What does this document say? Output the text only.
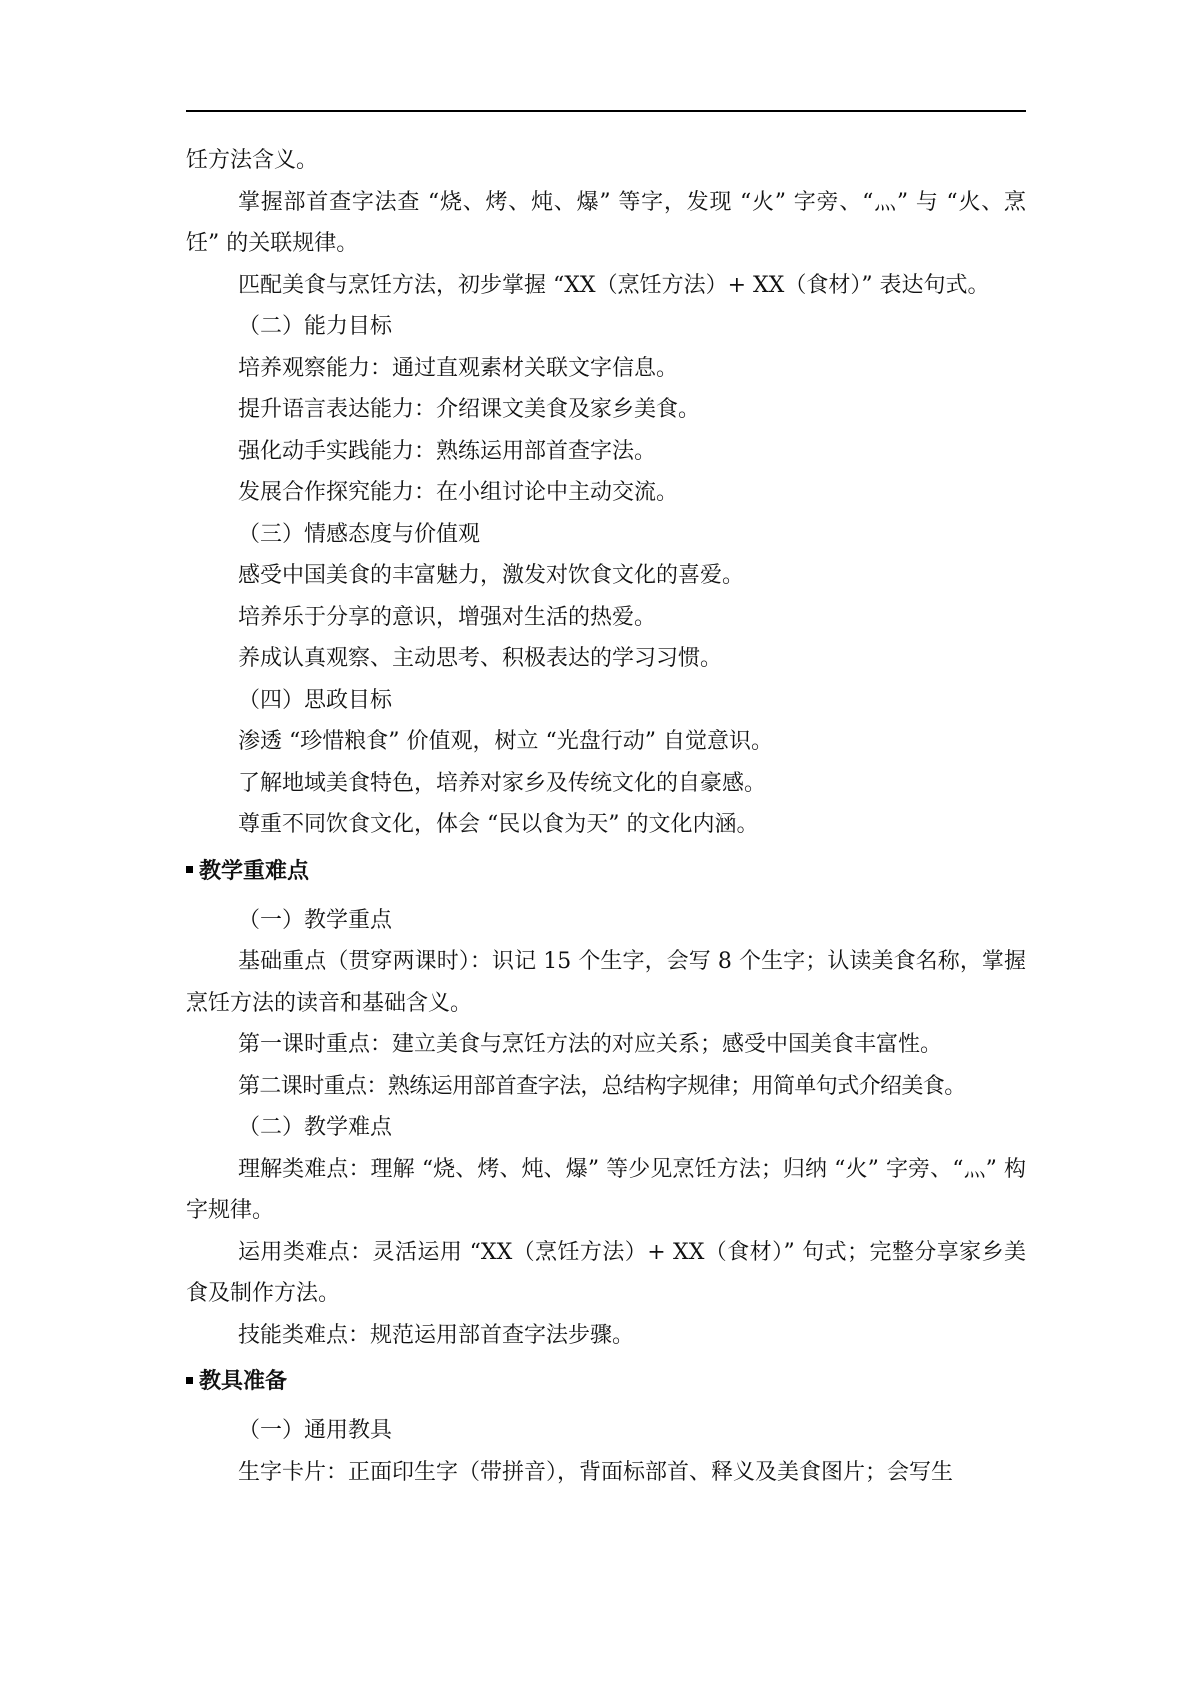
饪方法含义。
掌握部首查字法查 “烧、烤、炖、爆” 等字，发现 “火” 字旁、“灬” 与 “火、烹饪” 的关联规律。
匹配美食与烹饪方法，初步掌握 “XX（烹饪方法）+ XX（食材）” 表达句式。
（二）能力目标
培养观察能力：通过直观素材关联文字信息。
提升语言表达能力：介绍课文美食及家乡美食。
强化动手实践能力：熟练运用部首查字法。
发展合作探究能力：在小组讨论中主动交流。
（三）情感态度与价值观
感受中国美食的丰富魅力，激发对饮食文化的喜爱。
培养乐于分享的意识，增强对生活的热爱。
养成认真观察、主动思考、积极表达的学习习惯。
（四）思政目标
渗透 “珍惜粮食” 价值观，树立 “光盘行动” 自觉意识。
了解地域美食特色，培养对家乡及传统文化的自豪感。
尊重不同饮食文化，体会 “民以食为天” 的文化内涵。
教学重难点
（一）教学重点
基础重点（贯穿两课时）：识记 15 个生字，会写 8 个生字；认读美食名称，掌握烹饪方法的读音和基础含义。
第一课时重点：建立美食与烹饪方法的对应关系；感受中国美食丰富性。
第二课时重点：熟练运用部首查字法，总结构字规律；用简单句式介绍美食。
（二）教学难点
理解类难点：理解 “烧、烤、炖、爆” 等少见烹饪方法；归纳 “火” 字旁、“灬” 构字规律。
运用类难点：灵活运用 “XX（烹饪方法）+ XX（食材）” 句式；完整分享家乡美食及制作方法。
技能类难点：规范运用部首查字法步骤。
教具准备
（一）通用教具
生字卡片：正面印生字（带拼音），背面标部首、释义及美食图片；会写生
